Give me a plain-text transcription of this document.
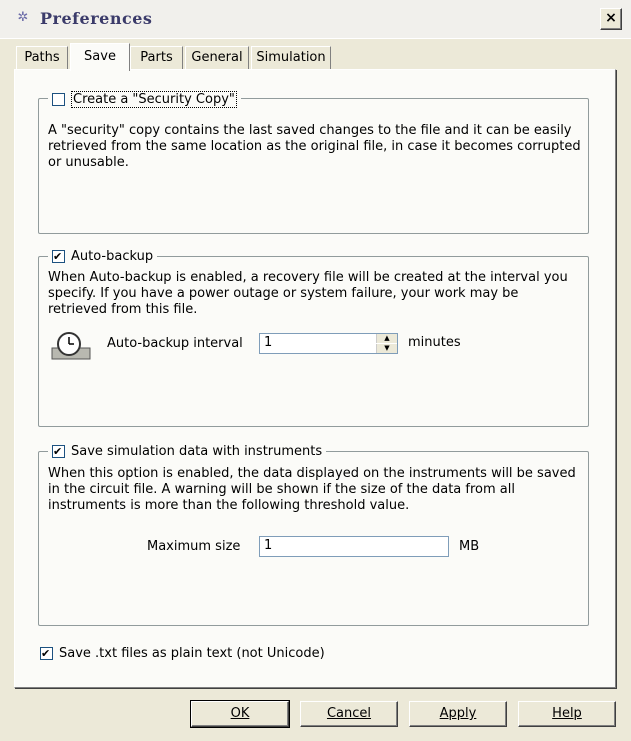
✲ Preferences	×
Paths	Save	Parts	General	Simulation
Create a "Security Copy"
A "security" copy contains the last saved changes to the file and it can be easily
retrieved from the same location as the original file, in case it becomes corrupted
or unusable.
✔
Auto-backup
When Auto-backup is enabled, a recovery file will be created at the interval you
specify. If you have a power outage or system failure, your work may be
retrieved from this file.
Auto-backup interval	1	▲
▼	minutes
✔
Save simulation data with instruments
When this option is enabled, the data displayed on the instruments will be saved
in the circuit file. A warning will be shown if the size of the data from all
instruments is more than the following threshold value.
Maximum size	1	MB
✔
Save .txt files as plain text (not Unicode)
OK	Cancel	Apply	Help
